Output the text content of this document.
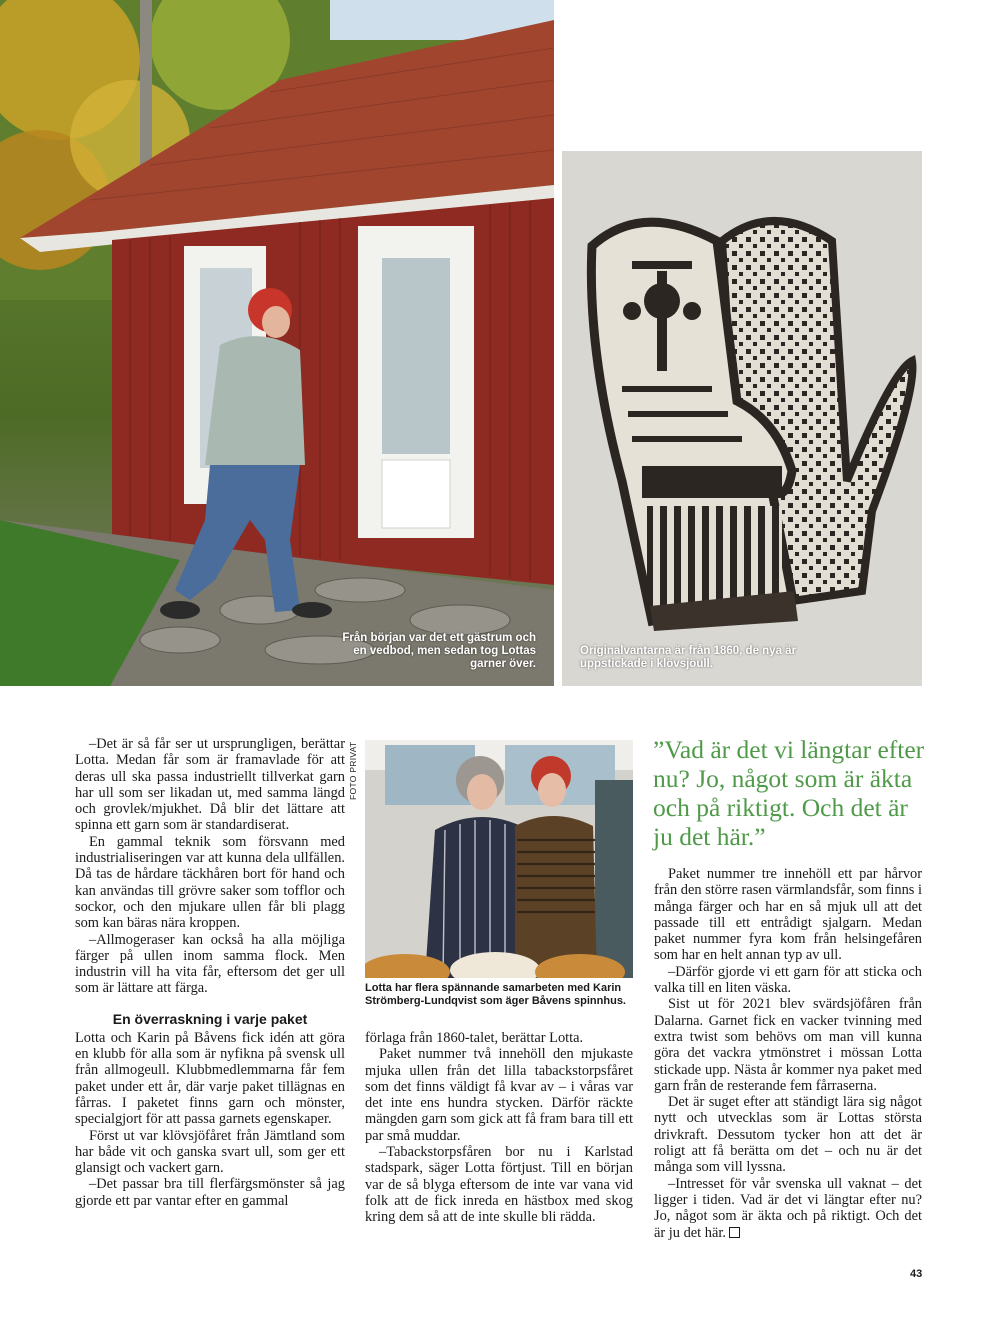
Från början var det ett gästrum och en vedbod, men sedan tog Lottas garner över.
Originalvantarna är från 1860, de nya är uppstickade i klövsjöull.

–Det är så får ser ut ursprungligen, berättar Lotta. Medan får som är framavlade för att deras ull ska passa industriellt tillverkat garn har ull som ser likadan ut, med samma längd och grovlek/mjukhet. Då blir det lättare att spinna ett garn som är standardiserat.

En gammal teknik som försvann med industrialiseringen var att kunna dela ullfällen. Då tas de hårdare täckhåren bort för hand och kan användas till grövre saker som tofflor och sockor, och den mjukare ullen får bli plagg som kan bäras nära kroppen.

–Allmogeraser kan också ha alla möjliga färger på ullen inom samma flock. Men industrin vill ha vita får, eftersom det ger ull som är lättare att färga.

En överraskning i varje paket

Lotta och Karin på Båvens fick idén att göra en klubb för alla som är nyfikna på svensk ull från allmogeull. Klubbmedlemmarna får fem paket under ett år, där varje paket tillägnas en fårras. I paketet finns garn och mönster, specialgjort för att passa garnets egenskaper.

Först ut var klövsjöfåret från Jämtland som har både vit och ganska svart ull, som ger ett glansigt och vackert garn.

–Det passar bra till flerfärgsmönster så jag gjorde ett par vantar efter en gammal

FOTO PRIVAT
Lotta har flera spännande samarbeten med Karin Strömberg-Lundqvist som äger Båvens spinnhus.

förlaga från 1860-talet, berättar Lotta.

Paket nummer två innehöll den mjukaste mjuka ullen från det lilla tabackstorpsfåret som det finns väldigt få kvar av – i våras var det inte ens hundra stycken. Därför räckte mängden garn som gick att få fram bara till ett par små muddar.

–Tabackstorpsfåren bor nu i Karlstad stadspark, säger Lotta förtjust. Till en början var de så blyga eftersom de inte var vana vid folk att de fick inreda en hästbox med skog kring dem så att de inte skulle bli rädda.

”Vad är det vi längtar efter nu? Jo, något som är äkta och på riktigt. Och det är ju det här.”

Paket nummer tre innehöll ett par hårvor från den större rasen värmlandsfår, som finns i många färger och har en så mjuk ull att det passade till ett entrådigt sjalgarn. Medan paket nummer fyra kom från helsingefåren som har en helt annan typ av ull.

–Därför gjorde vi ett garn för att sticka och valka till en liten väska.

Sist ut för 2021 blev svärdsjöfåren från Dalarna. Garnet fick en vacker tvinning med extra twist som behövs om man vill kunna göra det vackra ytmönstret i mössan Lotta stickade upp. Nästa år kommer nya paket med garn från de resterande fem fårraserna.

Det är suget efter att ständigt lära sig något nytt och utvecklas som är Lottas största drivkraft. Dessutom tycker hon att det är roligt att få berätta om det – och nu är det många som vill lyssna.

–Intresset för vår svenska ull vaknat – det ligger i tiden. Vad är det vi längtar efter nu? Jo, något som är äkta och på riktigt. Och det är ju det här.

43
